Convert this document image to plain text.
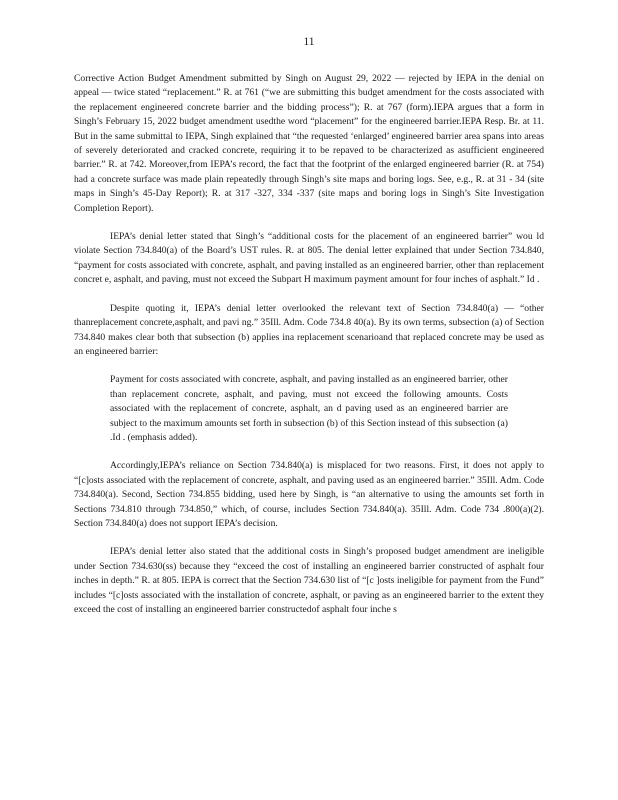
11

Corrective Action Budget Amendment submitted by Singh on August 29, 2022 — rejected by IEPA in the denial on appeal — twice stated “replacement.” R. at 761 (“we are submitting this budget amendment for the costs associated with the replacement engineered concrete barrier and the bidding process”); R. at 767 (form).IEPA argues that a form in Singh’s February 15, 2022 budget amendment usedthe word “placement” for the engineered barrier.IEPA Resp. Br. at 11. But in the same submittal to IEPA, Singh explained that “the requested ‘enlarged’ engineered barrier area spans into areas of severely deteriorated and cracked concrete, requiring it to be repaved to be characterized as asufficient engineered barrier.” R. at 742. Moreover,from IEPA’s record, the fact that the footprint of the enlarged engineered barrier (R. at 754) had a concrete surface was made plain repeatedly through Singh’s site maps and boring logs. See, e.g., R. at 31 - 34 (site maps in Singh’s 45-Day Report); R. at 317 -327, 334 -337 (site maps and boring logs in Singh’s Site Investigation Completion Report).

IEPA’s denial letter stated that Singh’s “additional costs for the placement of an engineered barrier” wou ld violate Section 734.840(a) of the Board’s UST rules. R. at 805. The denial letter explained that under Section 734.840, “payment for costs associated with concrete, asphalt, and paving installed as an engineered barrier, other than replacement concret e, asphalt, and paving, must not exceed the Subpart H maximum payment amount for four inches of asphalt.” Id .

Despite quoting it, IEPA’s denial letter overlooked the relevant text of Section 734.840(a) — “other thanreplacement concrete,asphalt, and pavi ng.” 35Ill. Adm. Code 734.8 40(a). By its own terms, subsection (a) of Section 734.840 makes clear both that subsection (b) applies ina replacement scenarioand that replaced concrete may be used as an engineered barrier:

Payment for costs associated with concrete, asphalt, and paving installed as an engineered barrier, other than replacement concrete, asphalt, and paving, must not exceed the following amounts. Costs associated with the replacement of concrete, asphalt, an d paving used as an engineered barrier are subject to the maximum amounts set forth in subsection (b) of this Section instead of this subsection (a) .Id . (emphasis added).

Accordingly,IEPA’s reliance on Section 734.840(a) is misplaced for two reasons. First, it does not apply to “[c]osts associated with the replacement of concrete, asphalt, and paving used as an engineered barrier.” 35Ill. Adm. Code 734.840(a). Second, Section 734.855 bidding, used here by Singh, is “an alternative to using the amounts set forth in Sections 734.810 through 734.850,” which, of course, includes Section 734.840(a). 35Ill. Adm. Code 734 .800(a)(2). Section 734.840(a) does not support IEPA’s decision.

IEPA’s denial letter also stated that the additional costs in Singh’s proposed budget amendment are ineligible under Section 734.630(ss) because they “exceed the cost of installing an engineered barrier constructed of asphalt four inches in depth.” R. at 805. IEPA is correct that the Section 734.630 list of “[c ]osts ineligible for payment from the Fund” includes “[c]osts associated with the installation of concrete, asphalt, or paving as an engineered barrier to the extent they exceed the cost of installing an engineered barrier constructedof asphalt four inche s
